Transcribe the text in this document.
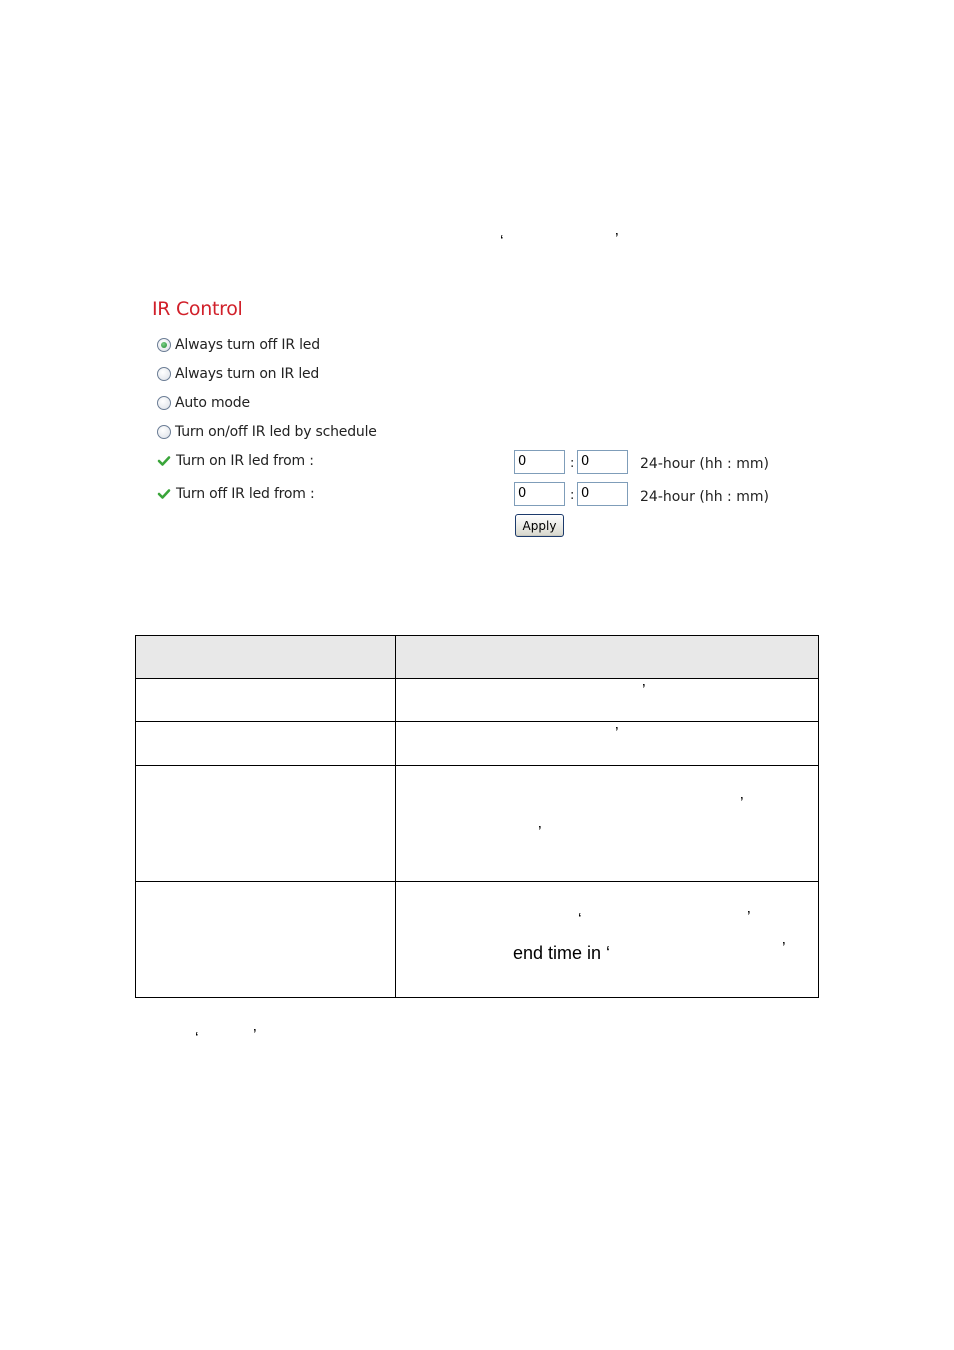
‘	’
IR Control
Always turn off IR led
Always turn on IR led
Auto mode
Turn on/off IR led by schedule
Turn on IR led from :	0	: 0	24-hour (hh : mm)
Turn off IR led from :	0	: 0	24-hour (hh : mm)
Apply

	’

	’

	’
’

	‘ ’
end time in ‘ ’
‘	’
